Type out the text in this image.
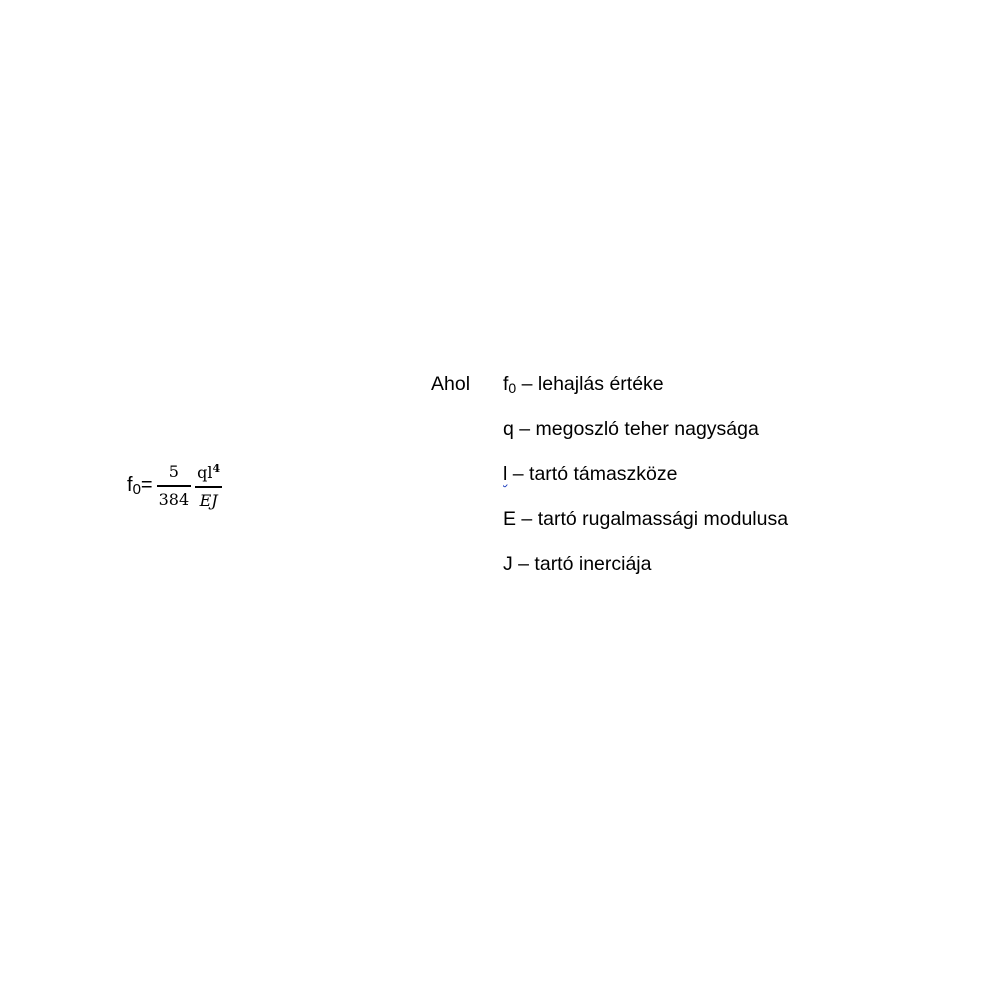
$f_0= \frac{5}{384} \frac{ql^4}{EJ}$
Ahol $f_0$ – lehajlás értéke
q – megoszló teher nagysága
l – tartó támaszköze
E – tartó rugalmassági modulusa
J – tartó inerciája
